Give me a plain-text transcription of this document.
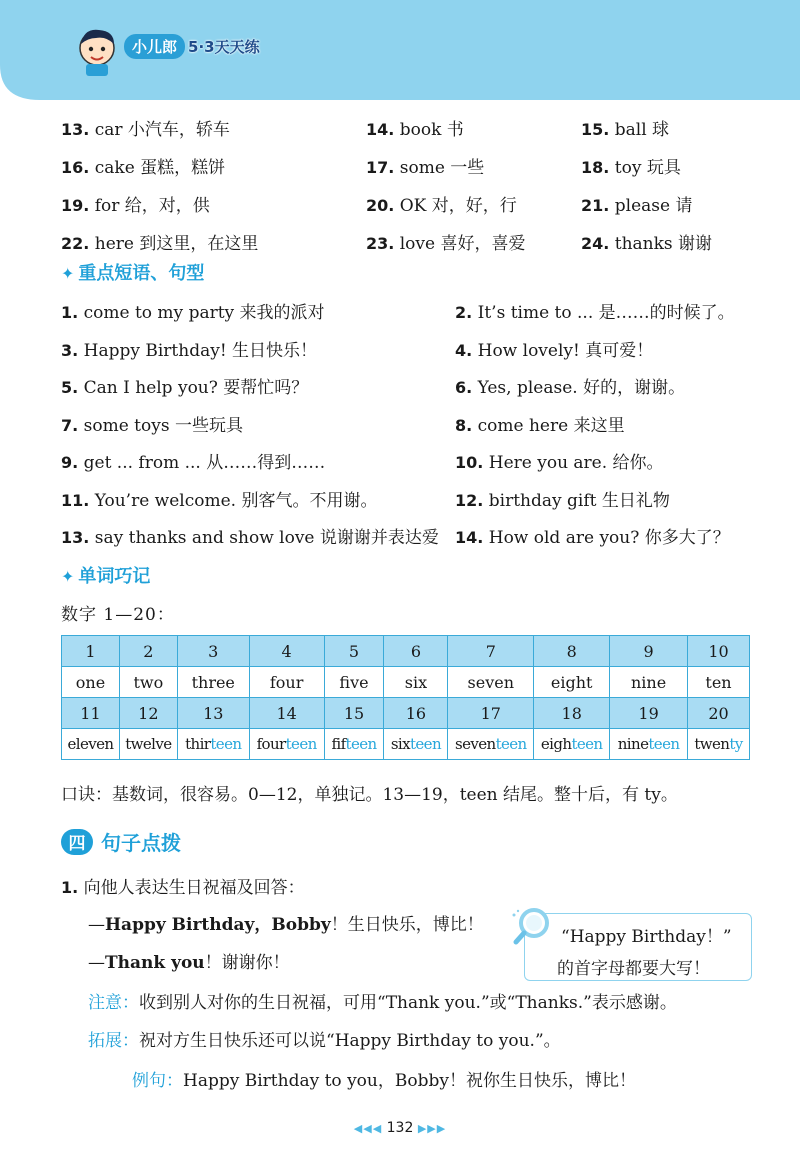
小儿郎 5·3天天练
13. car 小汽车，轿车	14. book 书	15. ball 球
16. cake 蛋糕，糕饼	17. some 一些	18. toy 玩具
19. for 给，对，供	20. OK 对，好，行	21. please 请
22. here 到这里，在这里	23. love 喜好，喜爱	24. thanks 谢谢
✦ 重点短语、句型
1. come to my party 来我的派对	2. It’s time to ... 是……的时候了。
3. Happy Birthday! 生日快乐！	4. How lovely! 真可爱！
5. Can I help you? 要帮忙吗？	6. Yes, please. 好的，谢谢。
7. some toys 一些玩具	8. come here 来这里
9. get ... from ... 从……得到……	10. Here you are. 给你。
11. You’re welcome. 别客气。不用谢。	12. birthday gift 生日礼物
13. say thanks and show love 说谢谢并表达爱	14. How old are you? 你多大了？
✦ 单词巧记
数字 1—20：
1	2	3	4	5	6	7	8	9	10
one	two	three	four	five	six	seven	eight	nine	ten
11	12	13	14	15	16	17	18	19	20
eleven	twelve	thirteen	fourteen	fifteen	sixteen	seventeen	eighteen	nineteen	twenty
口诀：基数词，很容易。0—12，单独记。13—19，teen 结尾。整十后，有 ty。
四 句子点拨
1. 向他人表达生日祝福及回答：
—Happy Birthday，Bobby！生日快乐，博比！
—Thank you！谢谢你！
“Happy Birthday！”
的首字母都要大写！
注意：收到别人对你的生日祝福，可用“Thank you.”或“Thanks.”表示感谢。
拓展：祝对方生日快乐还可以说“Happy Birthday to you.”。
例句：Happy Birthday to you，Bobby！祝你生日快乐，博比！
◀◀◀ 132 ▶▶▶
